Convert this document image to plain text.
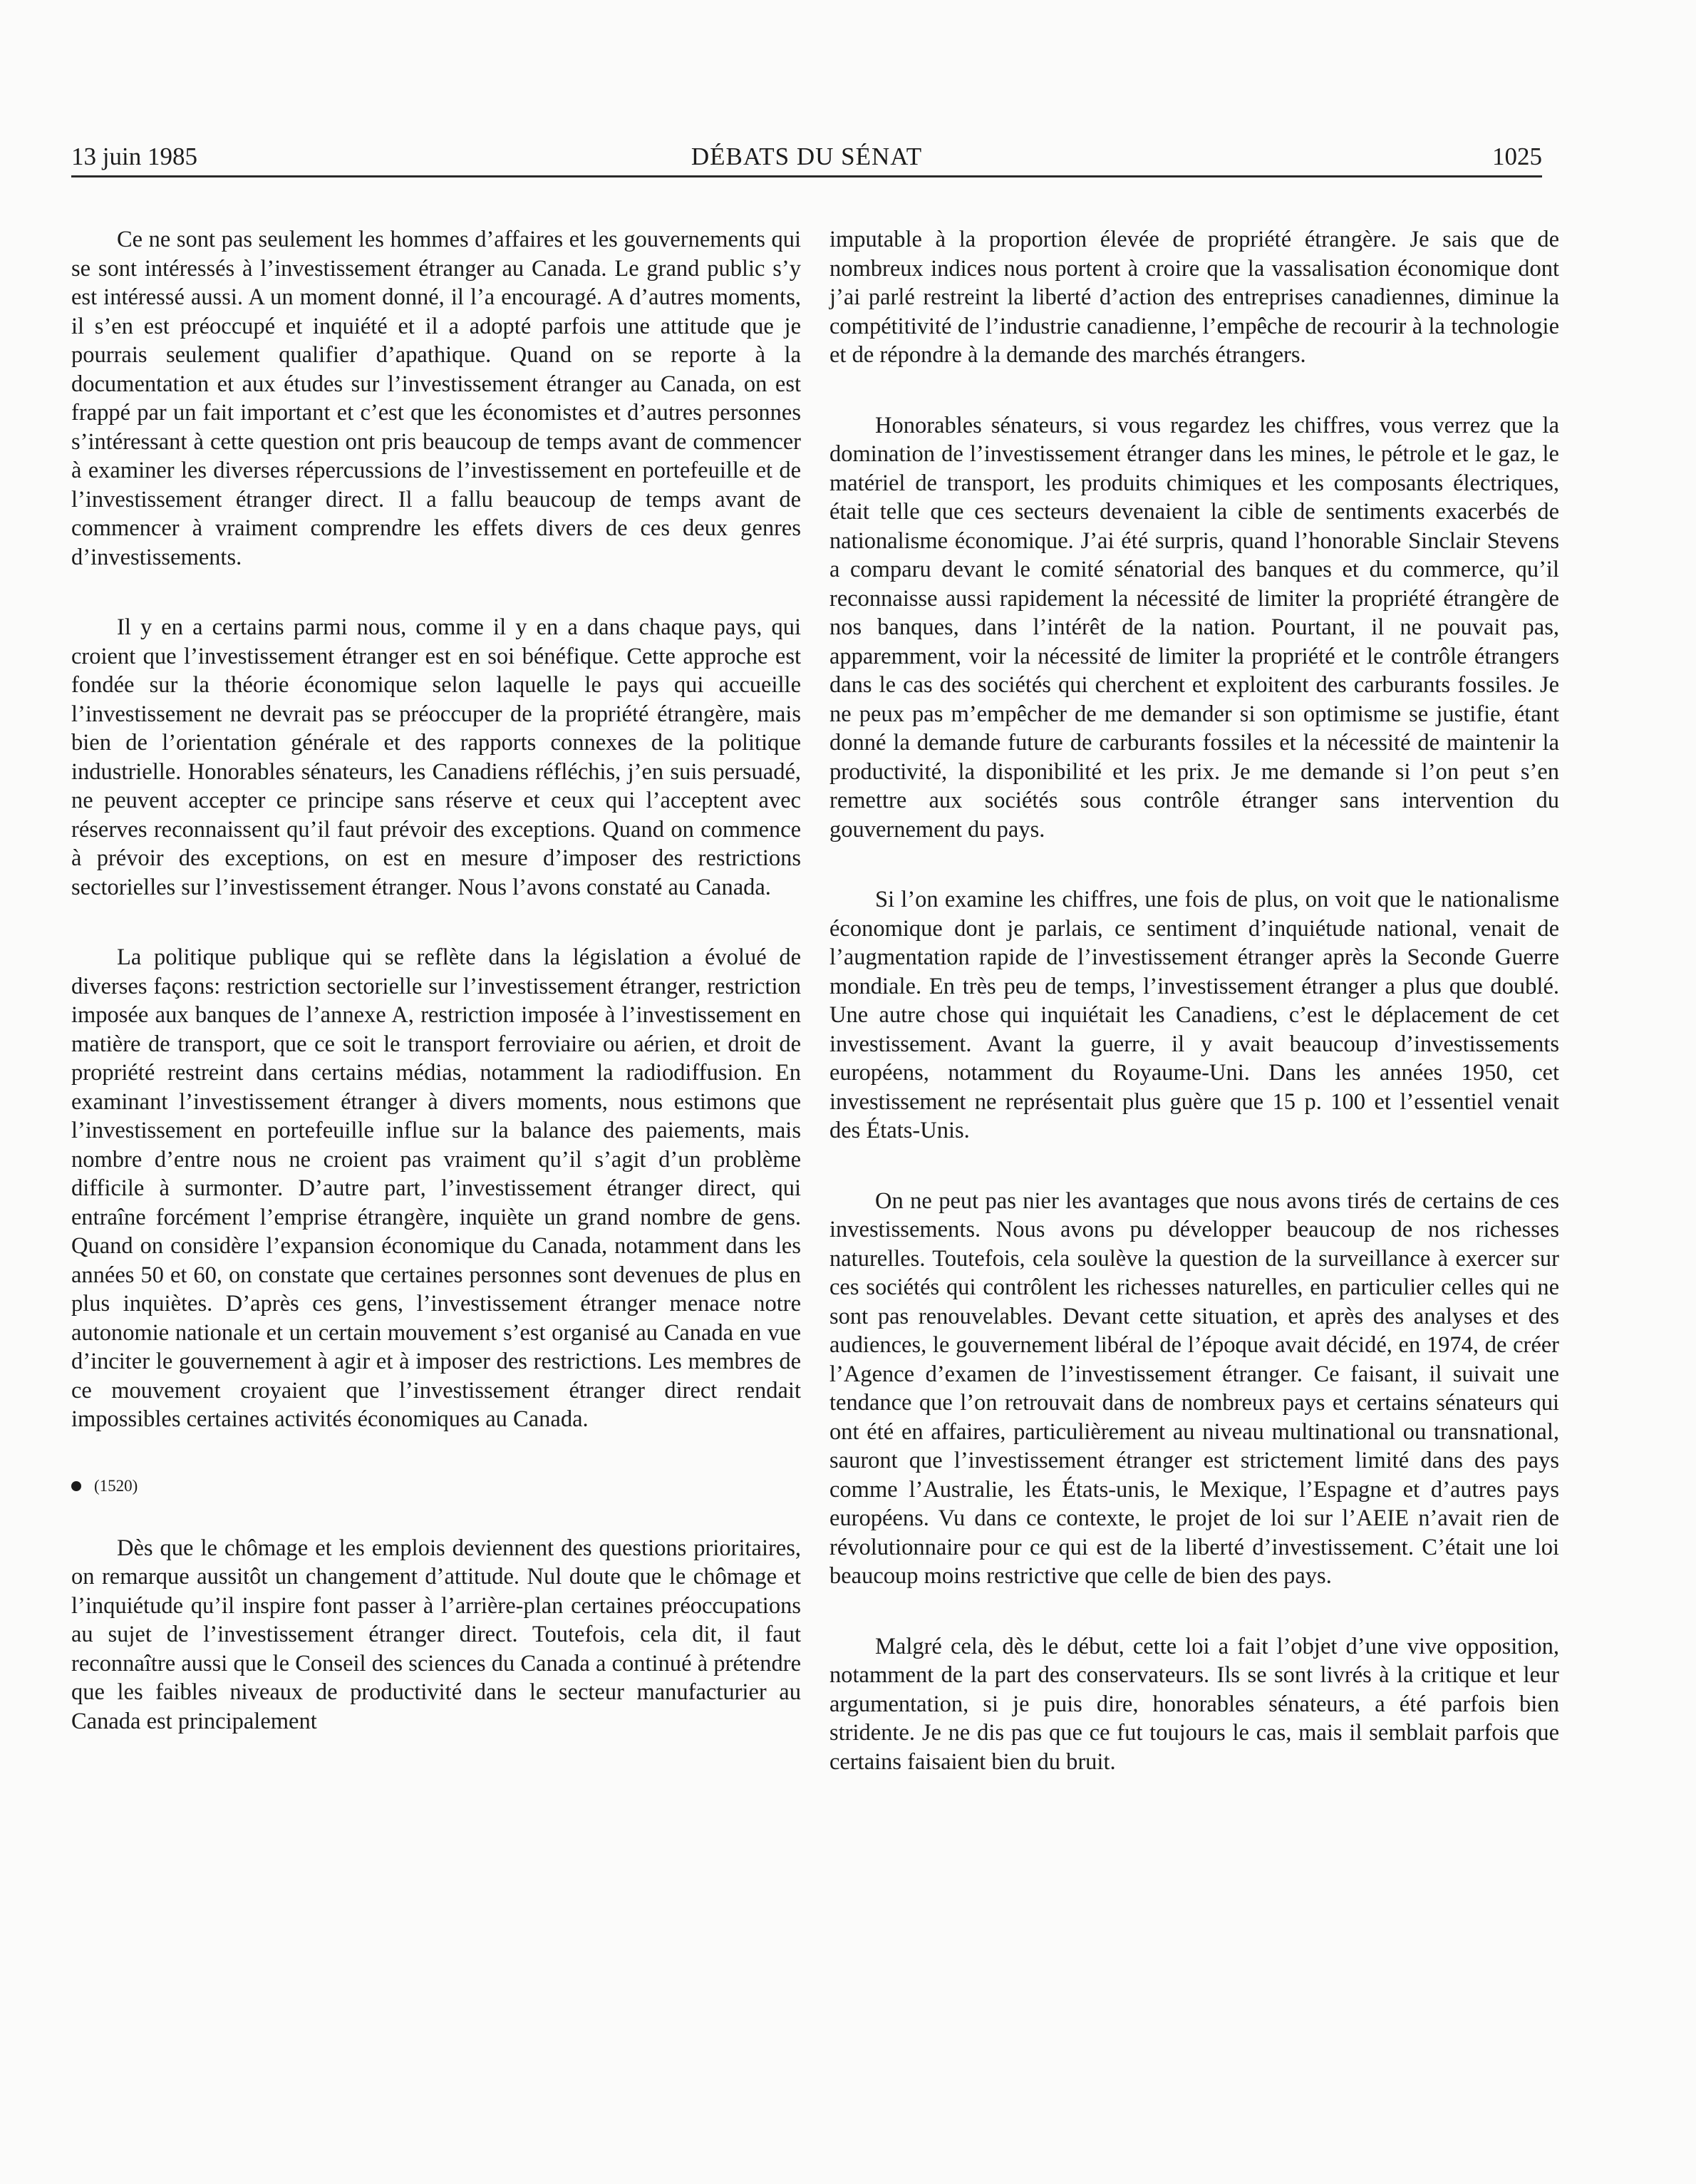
13 juin 1985	DÉBATS DU SÉNAT	1025

Ce ne sont pas seulement les hommes d’affaires et les gouvernements qui se sont intéressés à l’investissement étranger au Canada. Le grand public s’y est intéressé aussi. A un moment donné, il l’a encouragé. A d’autres moments, il s’en est préoccupé et inquiété et il a adopté parfois une attitude que je pourrais seulement qualifier d’apathique. Quand on se reporte à la documentation et aux études sur l’investissement étranger au Canada, on est frappé par un fait important et c’est que les économistes et d’autres personnes s’intéressant à cette question ont pris beaucoup de temps avant de commencer à examiner les diverses répercussions de l’investissement en portefeuille et de l’investissement étranger direct. Il a fallu beaucoup de temps avant de commencer à vraiment comprendre les effets divers de ces deux genres d’investissements.

Il y en a certains parmi nous, comme il y en a dans chaque pays, qui croient que l’investissement étranger est en soi bénéfique. Cette approche est fondée sur la théorie économique selon laquelle le pays qui accueille l’investissement ne devrait pas se préoccuper de la propriété étrangère, mais bien de l’orientation générale et des rapports connexes de la politique industrielle. Honorables sénateurs, les Canadiens réfléchis, j’en suis persuadé, ne peuvent accepter ce principe sans réserve et ceux qui l’acceptent avec réserves reconnaissent qu’il faut prévoir des exceptions. Quand on commence à prévoir des exceptions, on est en mesure d’imposer des restrictions sectorielles sur l’investissement étranger. Nous l’avons constaté au Canada.

La politique publique qui se reflète dans la législation a évolué de diverses façons: restriction sectorielle sur l’investissement étranger, restriction imposée aux banques de l’annexe A, restriction imposée à l’investissement en matière de transport, que ce soit le transport ferroviaire ou aérien, et droit de propriété restreint dans certains médias, notamment la radiodiffusion. En examinant l’investissement étranger à divers moments, nous estimons que l’investissement en portefeuille influe sur la balance des paiements, mais nombre d’entre nous ne croient pas vraiment qu’il s’agit d’un problème difficile à surmonter. D’autre part, l’investissement étranger direct, qui entraîne forcément l’emprise étrangère, inquiète un grand nombre de gens. Quand on considère l’expansion économique du Canada, notamment dans les années 50 et 60, on constate que certaines personnes sont devenues de plus en plus inquiètes. D’après ces gens, l’investissement étranger menace notre autonomie nationale et un certain mouvement s’est organisé au Canada en vue d’inciter le gouvernement à agir et à imposer des restrictions. Les membres de ce mouvement croyaient que l’investissement étranger direct rendait impossibles certaines activités économiques au Canada.

(1520)

Dès que le chômage et les emplois deviennent des questions prioritaires, on remarque aussitôt un changement d’attitude. Nul doute que le chômage et l’inquiétude qu’il inspire font passer à l’arrière-plan certaines préoccupations au sujet de l’investissement étranger direct. Toutefois, cela dit, il faut reconnaître aussi que le Conseil des sciences du Canada a continué à prétendre que les faibles niveaux de productivité dans le secteur manufacturier au Canada est principalement

imputable à la proportion élevée de propriété étrangère. Je sais que de nombreux indices nous portent à croire que la vassalisation économique dont j’ai parlé restreint la liberté d’action des entreprises canadiennes, diminue la compétitivité de l’industrie canadienne, l’empêche de recourir à la technologie et de répondre à la demande des marchés étrangers.

Honorables sénateurs, si vous regardez les chiffres, vous verrez que la domination de l’investissement étranger dans les mines, le pétrole et le gaz, le matériel de transport, les produits chimiques et les composants électriques, était telle que ces secteurs devenaient la cible de sentiments exacerbés de nationalisme économique. J’ai été surpris, quand l’honorable Sinclair Stevens a comparu devant le comité sénatorial des banques et du commerce, qu’il reconnaisse aussi rapidement la nécessité de limiter la propriété étrangère de nos banques, dans l’intérêt de la nation. Pourtant, il ne pouvait pas, apparemment, voir la nécessité de limiter la propriété et le contrôle étrangers dans le cas des sociétés qui cherchent et exploitent des carburants fossiles. Je ne peux pas m’empêcher de me demander si son optimisme se justifie, étant donné la demande future de carburants fossiles et la nécessité de maintenir la productivité, la disponibilité et les prix. Je me demande si l’on peut s’en remettre aux sociétés sous contrôle étranger sans intervention du gouvernement du pays.

Si l’on examine les chiffres, une fois de plus, on voit que le nationalisme économique dont je parlais, ce sentiment d’inquiétude national, venait de l’augmentation rapide de l’investissement étranger après la Seconde Guerre mondiale. En très peu de temps, l’investissement étranger a plus que doublé. Une autre chose qui inquiétait les Canadiens, c’est le déplacement de cet investissement. Avant la guerre, il y avait beaucoup d’investissements européens, notamment du Royaume-Uni. Dans les années 1950, cet investissement ne représentait plus guère que 15 p. 100 et l’essentiel venait des États-Unis.

On ne peut pas nier les avantages que nous avons tirés de certains de ces investissements. Nous avons pu développer beaucoup de nos richesses naturelles. Toutefois, cela soulève la question de la surveillance à exercer sur ces sociétés qui contrôlent les richesses naturelles, en particulier celles qui ne sont pas renouvelables. Devant cette situation, et après des analyses et des audiences, le gouvernement libéral de l’époque avait décidé, en 1974, de créer l’Agence d’examen de l’investissement étranger. Ce faisant, il suivait une tendance que l’on retrouvait dans de nombreux pays et certains sénateurs qui ont été en affaires, particulièrement au niveau multinational ou transnational, sauront que l’investissement étranger est strictement limité dans des pays comme l’Australie, les États-unis, le Mexique, l’Espagne et d’autres pays européens. Vu dans ce contexte, le projet de loi sur l’AEIE n’avait rien de révolutionnaire pour ce qui est de la liberté d’investissement. C’était une loi beaucoup moins restrictive que celle de bien des pays.

Malgré cela, dès le début, cette loi a fait l’objet d’une vive opposition, notamment de la part des conservateurs. Ils se sont livrés à la critique et leur argumentation, si je puis dire, honorables sénateurs, a été parfois bien stridente. Je ne dis pas que ce fut toujours le cas, mais il semblait parfois que certains faisaient bien du bruit.
